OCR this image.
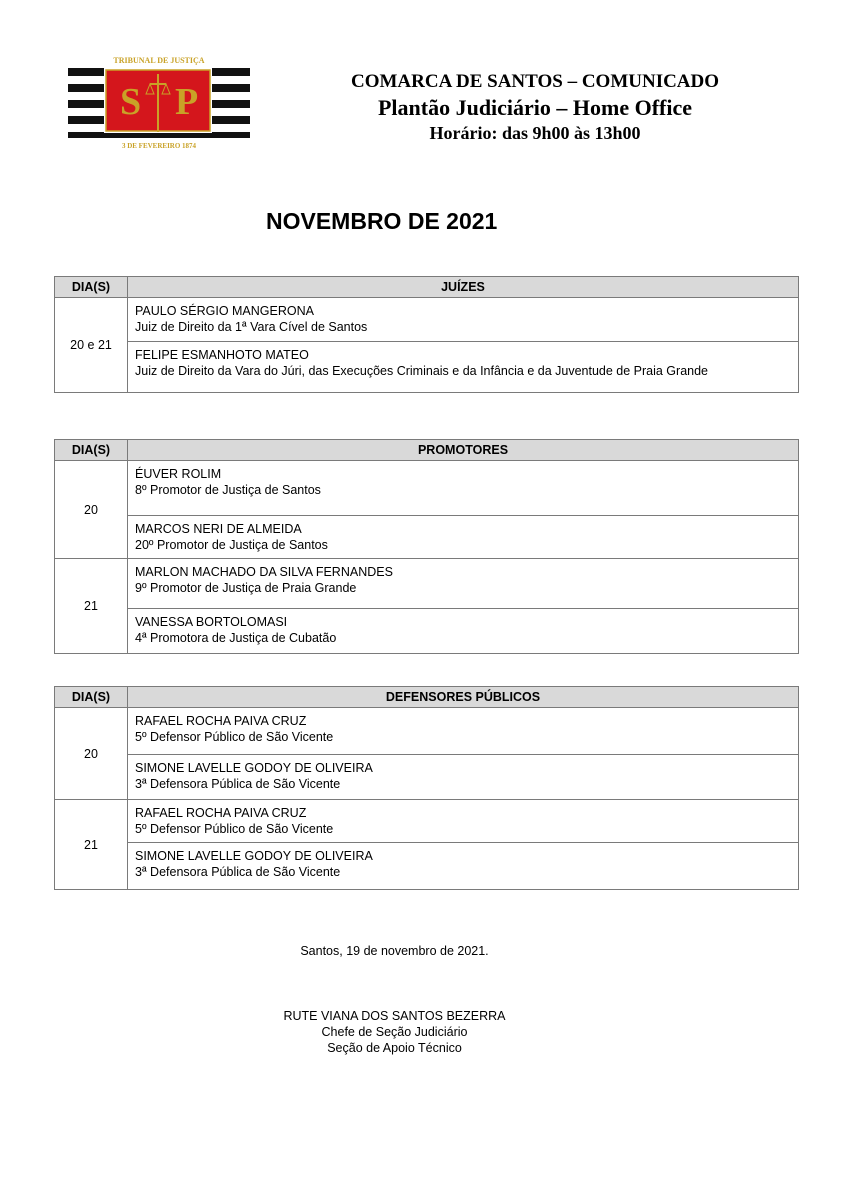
S P
TRIBUNAL DE JUSTIÇA
3 DE FEVEREIRO 1874
COMARCA DE SANTOS – COMUNICADO
Plantão Judiciário – Home Office
Horário: das 9h00 às 13h00
NOVEMBRO DE 2021
DIA(S)	JUÍZES
20 e 21	PAULO SÉRGIO MANGERONA
Juiz de Direito da 1ª Vara Cível de Santos

	FELIPE ESMANHOTO MATEO
Juiz de Direito da Vara do Júri, das Execuções Criminais e da Infância e da Juventude de Praia Grande
DIA(S)	PROMOTORES
20	ÉUVER ROLIM
8º Promotor de Justiça de Santos

	MARCOS NERI DE ALMEIDA
20º Promotor de Justiça de Santos

21	MARLON MACHADO DA SILVA FERNANDES
9º Promotor de Justiça de Praia Grande

	VANESSA BORTOLOMASI
4ª Promotora de Justiça de Cubatão
DIA(S)	DEFENSORES PÚBLICOS
20	RAFAEL ROCHA PAIVA CRUZ
5º Defensor Público de São Vicente

	SIMONE LAVELLE GODOY DE OLIVEIRA
3ª Defensora Pública de São Vicente

21	RAFAEL ROCHA PAIVA CRUZ
5º Defensor Público de São Vicente

	SIMONE LAVELLE GODOY DE OLIVEIRA
3ª Defensora Pública de São Vicente
Santos, 19 de novembro de 2021.
RUTE VIANA DOS SANTOS BEZERRA
Chefe de Seção Judiciário
Seção de Apoio Técnico
